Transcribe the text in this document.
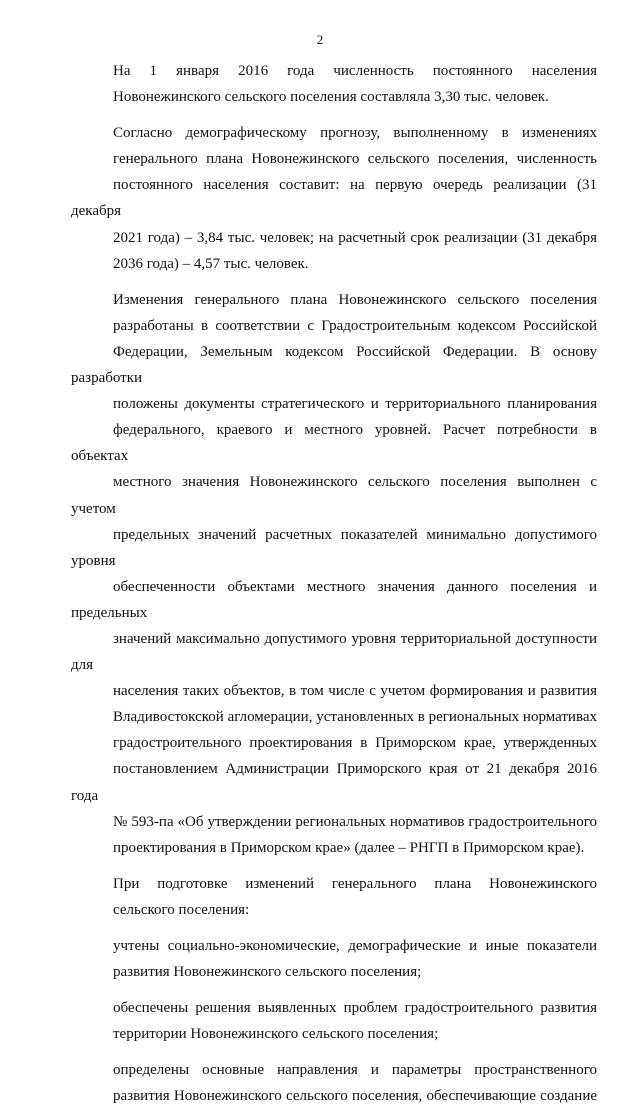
2

На 1 января 2016 года численность постоянного населения
Новонежинского сельского поселения составляла 3,30 тыс. человек.

Согласно демографическому прогнозу, выполненному в изменениях
генерального плана Новонежинского сельского поселения, численность
постоянного населения составит: на первую очередь реализации (31 декабря
2021 года) – 3,84 тыс. человек; на расчетный срок реализации (31 декабря
2036 года) – 4,57 тыс. человек.

Изменения генерального плана Новонежинского сельского поселения
разработаны в соответствии с Градостроительным кодексом Российской
Федерации, Земельным кодексом Российской Федерации. В основу разработки
положены документы стратегического и территориального планирования
федерального, краевого и местного уровней. Расчет потребности в объектах
местного значения Новонежинского сельского поселения выполнен с учетом
предельных значений расчетных показателей минимально допустимого уровня
обеспеченности объектами местного значения данного поселения и предельных
значений максимально допустимого уровня территориальной доступности для
населения таких объектов, в том числе с учетом формирования и развития
Владивостокской агломерации, установленных в региональных нормативах
градостроительного проектирования в Приморском крае, утвержденных
постановлением Администрации Приморского края от 21 декабря 2016 года
№ 593-па «Об утверждении региональных нормативов градостроительного
проектирования в Приморском крае» (далее – РНГП в Приморском крае).

При подготовке изменений генерального плана Новонежинского
сельского поселения:

учтены социально-экономические, демографические и иные показатели
развития Новонежинского сельского поселения;

обеспечены решения выявленных проблем градостроительного развития
территории Новонежинского сельского поселения;

определены основные направления и параметры пространственного
развития Новонежинского сельского поселения, обеспечивающие создание
